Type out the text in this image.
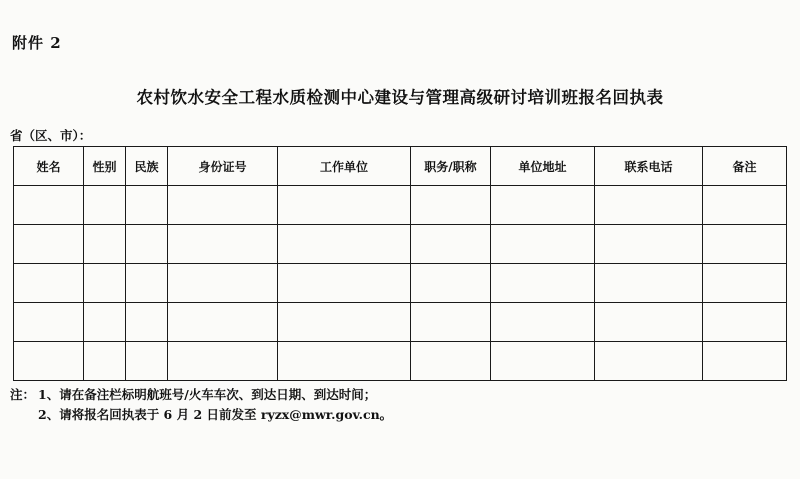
附件 2
农村饮水安全工程水质检测中心建设与管理高级研讨培训班报名回执表
省（区、市）：
姓名	性别	民族	身份证号	工作单位	职务/职称	单位地址	联系电话	备注

注： 1、请在备注栏标明航班号/火车车次、到达日期、到达时间；
2、请将报名回执表于 6 月 2 日前发至 ryzx@mwr.gov.cn。
